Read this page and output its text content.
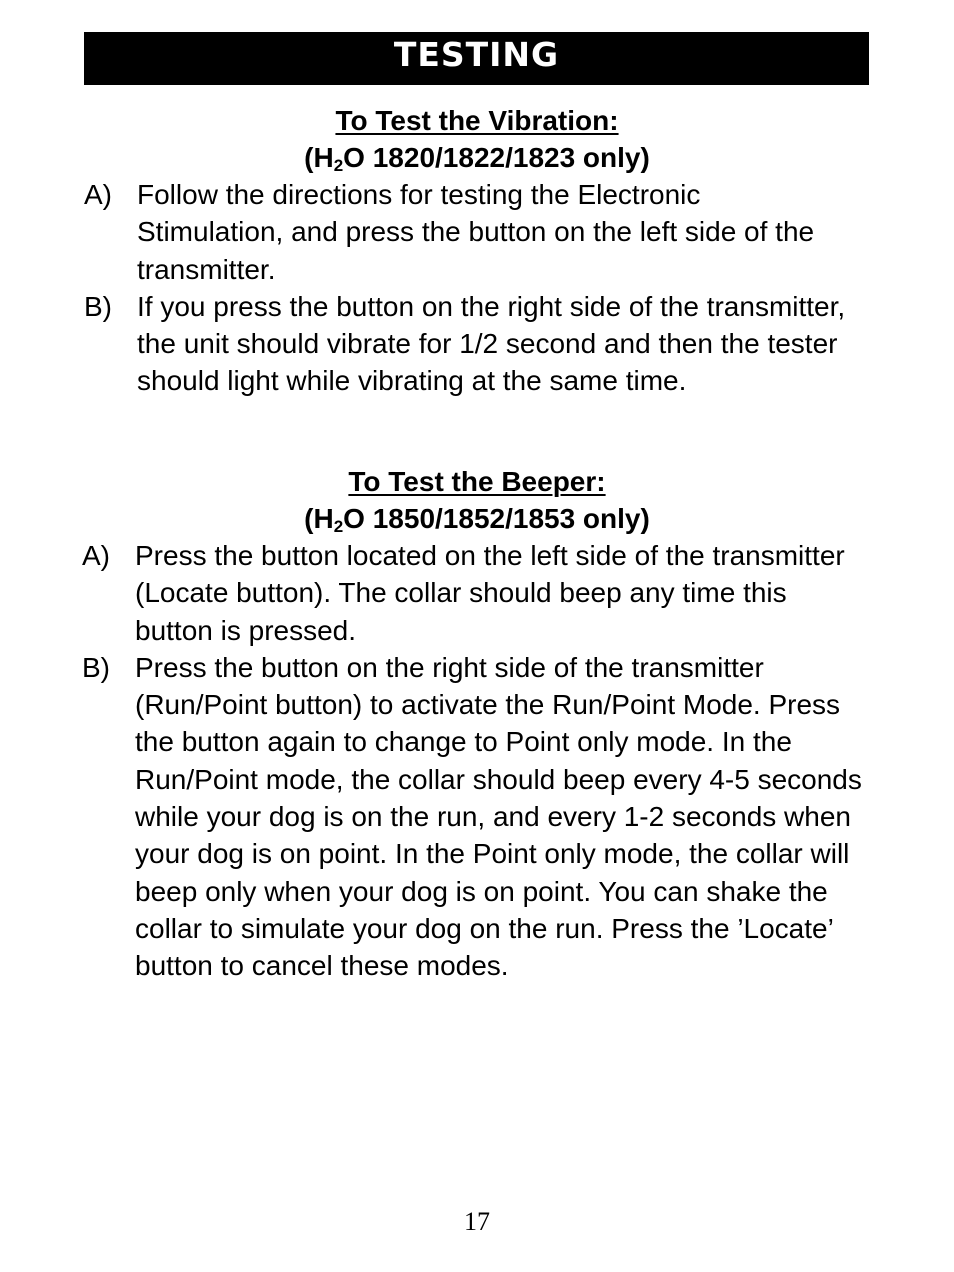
TESTING
To Test the Vibration:
($H_2O$ 1820/1822/1823 only)
A) Follow the directions for testing the Electronic Stimulation, and press the button on the left side of the transmitter.
B) If you press the button on the right side of the transmitter, the unit should vibrate for 1/2 second and then the tester should light while vibrating at the same time.
To Test the Beeper:
($H_2O$ 1850/1852/1853 only)
A) Press the button located on the left side of the transmitter (Locate button). The collar should beep any time this button is pressed.
B) Press the button on the right side of the transmitter (Run/Point button) to activate the Run/Point Mode. Press the button again to change to Point only mode. In the Run/Point mode, the collar should beep every 4-5 seconds while your dog is on the run, and every 1-2 seconds when your dog is on point. In the Point only mode, the collar will beep only when your dog is on point. You can shake the collar to simulate your dog on the run. Press the ’Locate’ button to cancel these modes.
17
